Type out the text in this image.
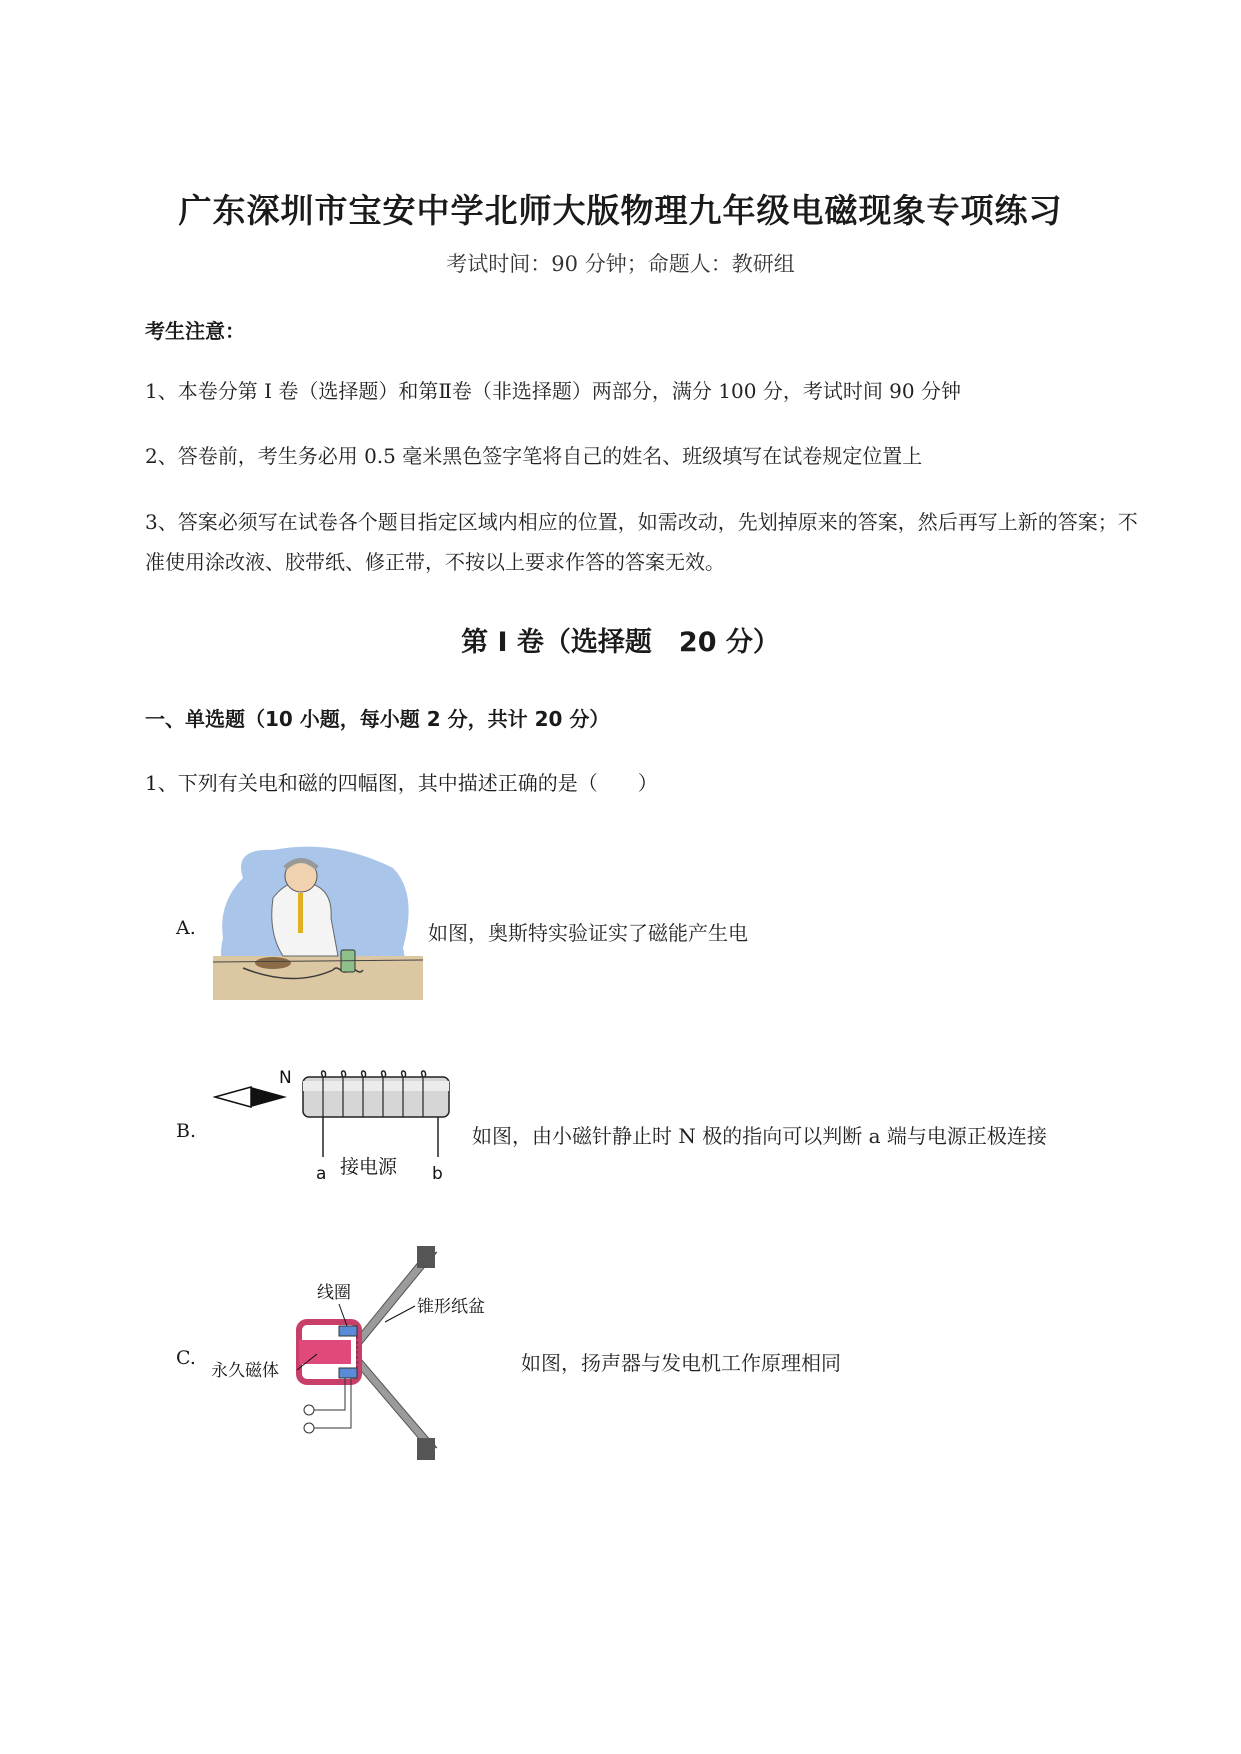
广东深圳市宝安中学北师大版物理九年级电磁现象专项练习
考试时间：90 分钟；命题人：教研组
考生注意：
1、本卷分第 I 卷（选择题）和第Ⅱ卷（非选择题）两部分，满分 100 分，考试时间 90 分钟
2、答卷前，考生务必用 0.5 毫米黑色签字笔将自己的姓名、班级填写在试卷规定位置上
3、答案必须写在试卷各个题目指定区域内相应的位置，如需改动，先划掉原来的答案，然后再写上新的答案；不准使用涂改液、胶带纸、修正带，不按以上要求作答的答案无效。
第 I 卷（选择题　20 分）
一、单选题（10 小题，每小题 2 分，共计 20 分）
1、下列有关电和磁的四幅图，其中描述正确的是（　　）
A.	如图，奥斯特实验证实了磁能产生电
B.
N
a 接电源 b
如图，由小磁针静止时 N 极的指向可以判断 a 端与电源正极连接
C.
线圈
锥形纸盆
永久磁体	如图，扬声器与发电机工作原理相同
